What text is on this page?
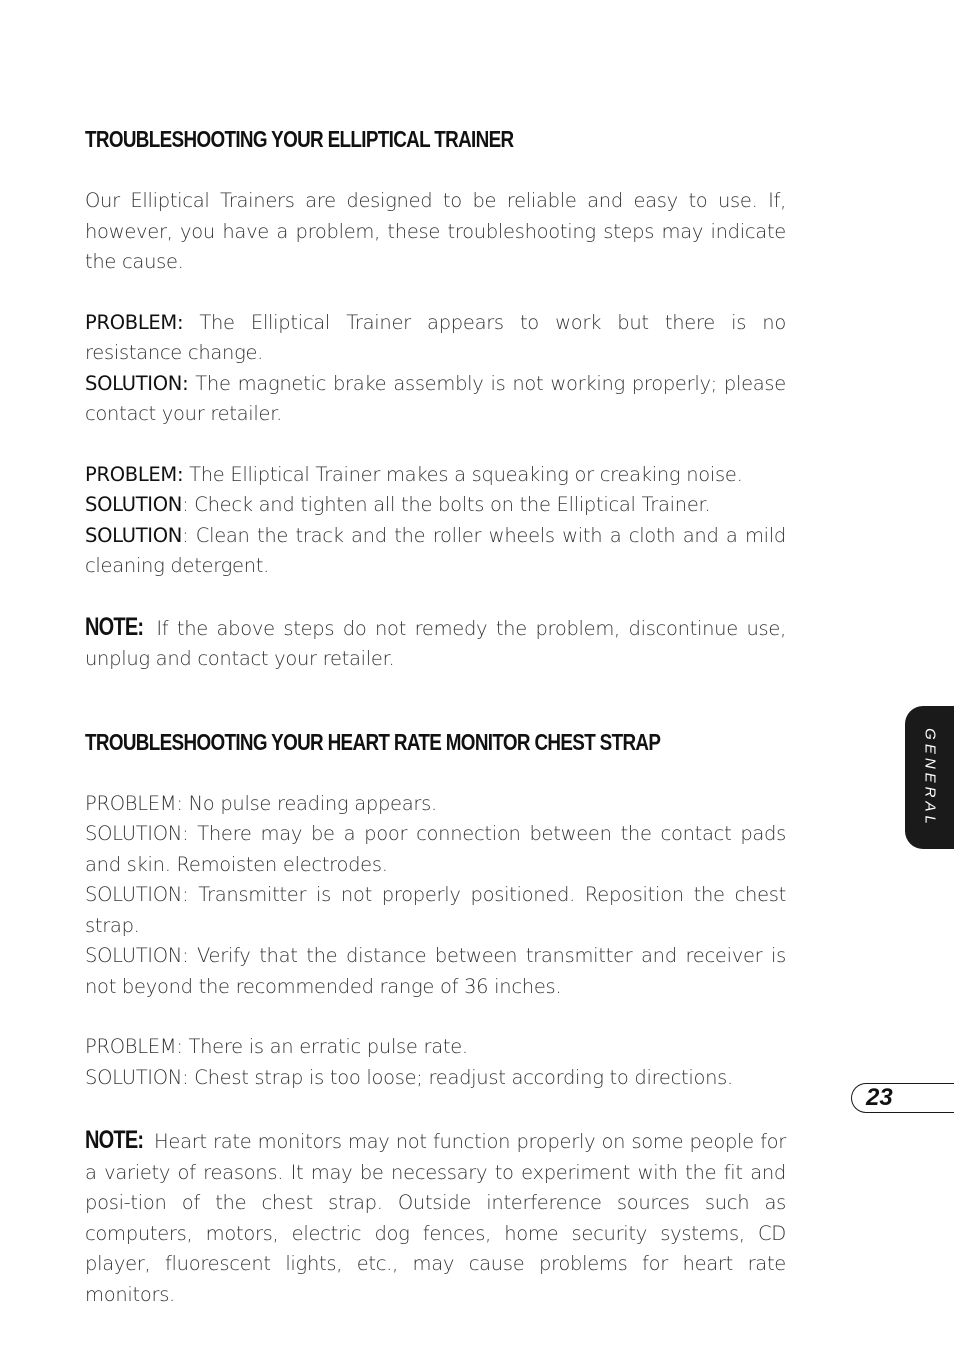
TROUBLESHOOTING YOUR ELLIPTICAL TRAINER

Our Elliptical Trainers are designed to be reliable and easy to use. If, however, you have a problem, these troubleshooting steps may indicate the cause.

PROBLEM: The Elliptical Trainer appears to work but there is no resistance change.

SOLUTION: The magnetic brake assembly is not working properly; please contact your retailer.

PROBLEM: The Elliptical Trainer makes a squeaking or creaking noise.

SOLUTION: Check and tighten all the bolts on the Elliptical Trainer.

SOLUTION: Clean the track and the roller wheels with a cloth and a mild cleaning detergent.

NOTE: If the above steps do not remedy the problem, discontinue use, unplug and contact your retailer.

TROUBLESHOOTING YOUR HEART RATE MONITOR CHEST STRAP

PROBLEM: No pulse reading appears.

SOLUTION: There may be a poor connection between the contact pads and skin. Remoisten electrodes.

SOLUTION: Transmitter is not properly positioned. Reposition the chest strap.

SOLUTION: Verify that the distance between transmitter and receiver is not beyond the recommended range of 36 inches.

PROBLEM: There is an erratic pulse rate.

SOLUTION: Chest strap is too loose; readjust according to directions.

NOTE: Heart rate monitors may not function properly on some people for a variety of reasons. It may be necessary to experiment with the fit and posi-tion of the chest strap. Outside interference sources such as computers, motors, electric dog fences, home security systems, CD player, fluorescent lights, etc., may cause problems for heart rate monitors.

GENERAL
23
